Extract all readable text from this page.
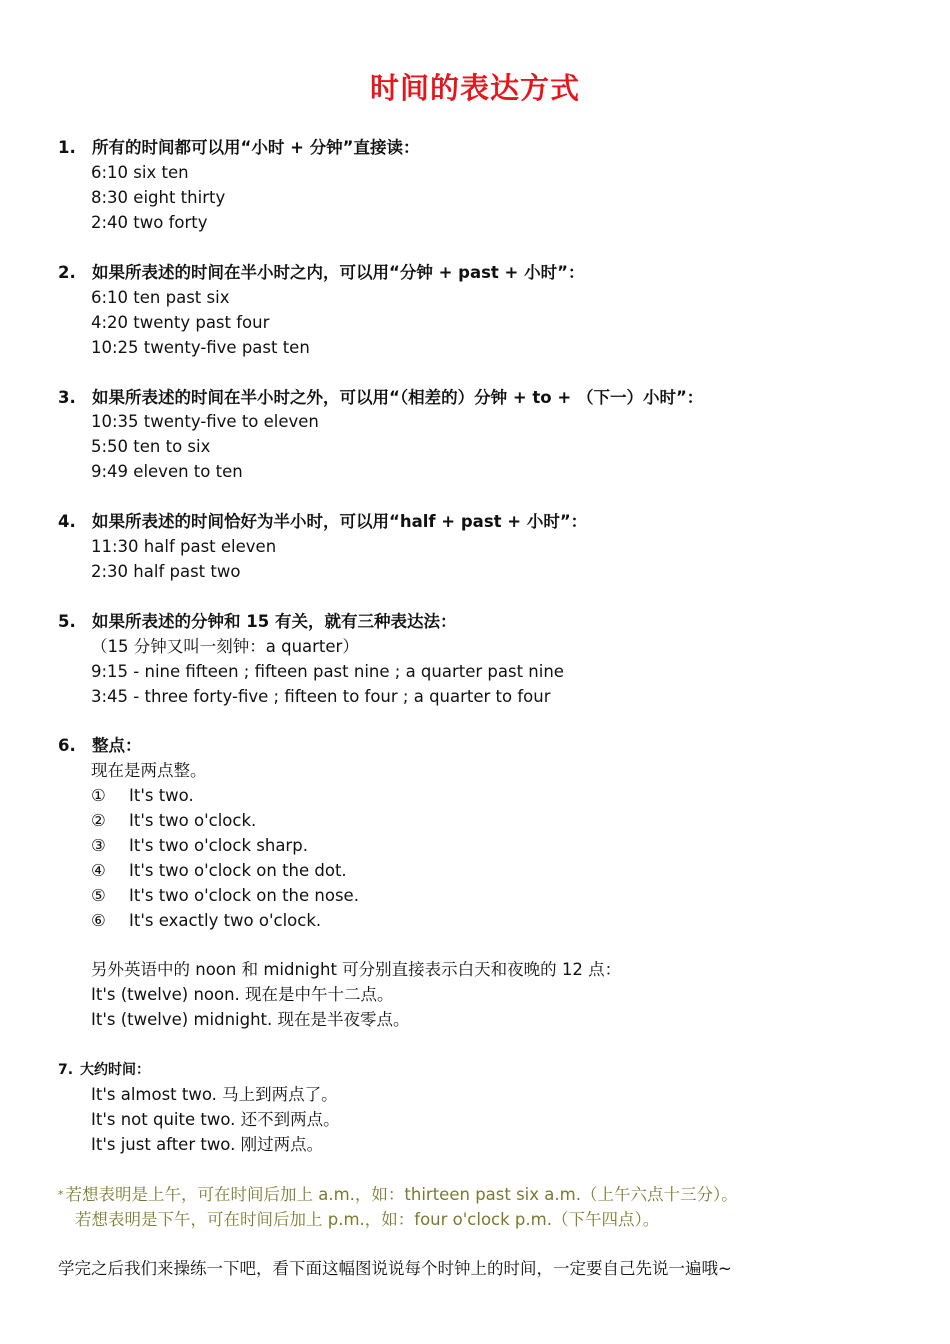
时间的表达方式
1. 所有的时间都可以用“小时 + 分钟”直接读：
6:10 six ten
8:30 eight thirty
2:40 two forty
2. 如果所表述的时间在半小时之内，可以用“分钟 + past + 小时”：
6:10 ten past six
4:20 twenty past four
10:25 twenty-five past ten
3. 如果所表述的时间在半小时之外，可以用“（相差的）分钟 + to + （下一）小时”：
10:35 twenty-five to eleven
5:50 ten to six
9:49 eleven to ten
4. 如果所表述的时间恰好为半小时，可以用“half + past + 小时”：
11:30 half past eleven
2:30 half past two
5. 如果所表述的分钟和 15 有关，就有三种表达法：
（15 分钟又叫一刻钟：a quarter）
9:15 - nine fifteen ; fifteen past nine ; a quarter past nine
3:45 - three forty-five ; fifteen to four ; a quarter to four
6. 整点：
现在是两点整。
① It's two.
② It's two o'clock.
③ It's two o'clock sharp.
④ It's two o'clock on the dot.
⑤ It's two o'clock on the nose.
⑥ It's exactly two o'clock.
另外英语中的 noon 和 midnight 可分别直接表示白天和夜晚的 12 点：
It's (twelve) noon. 现在是中午十二点。
It's (twelve) midnight. 现在是半夜零点。
7. 大约时间：
It's almost two. 马上到两点了。
It's not quite two. 还不到两点。
It's just after two. 刚过两点。
* 若想表明是上午，可在时间后加上 a.m.，如：thirteen past six a.m.（上午六点十三分）。
若想表明是下午，可在时间后加上 p.m.，如：four o'clock p.m.（下午四点）。
学完之后我们来操练一下吧，看下面这幅图说说每个时钟上的时间，一定要自己先说一遍哦~
